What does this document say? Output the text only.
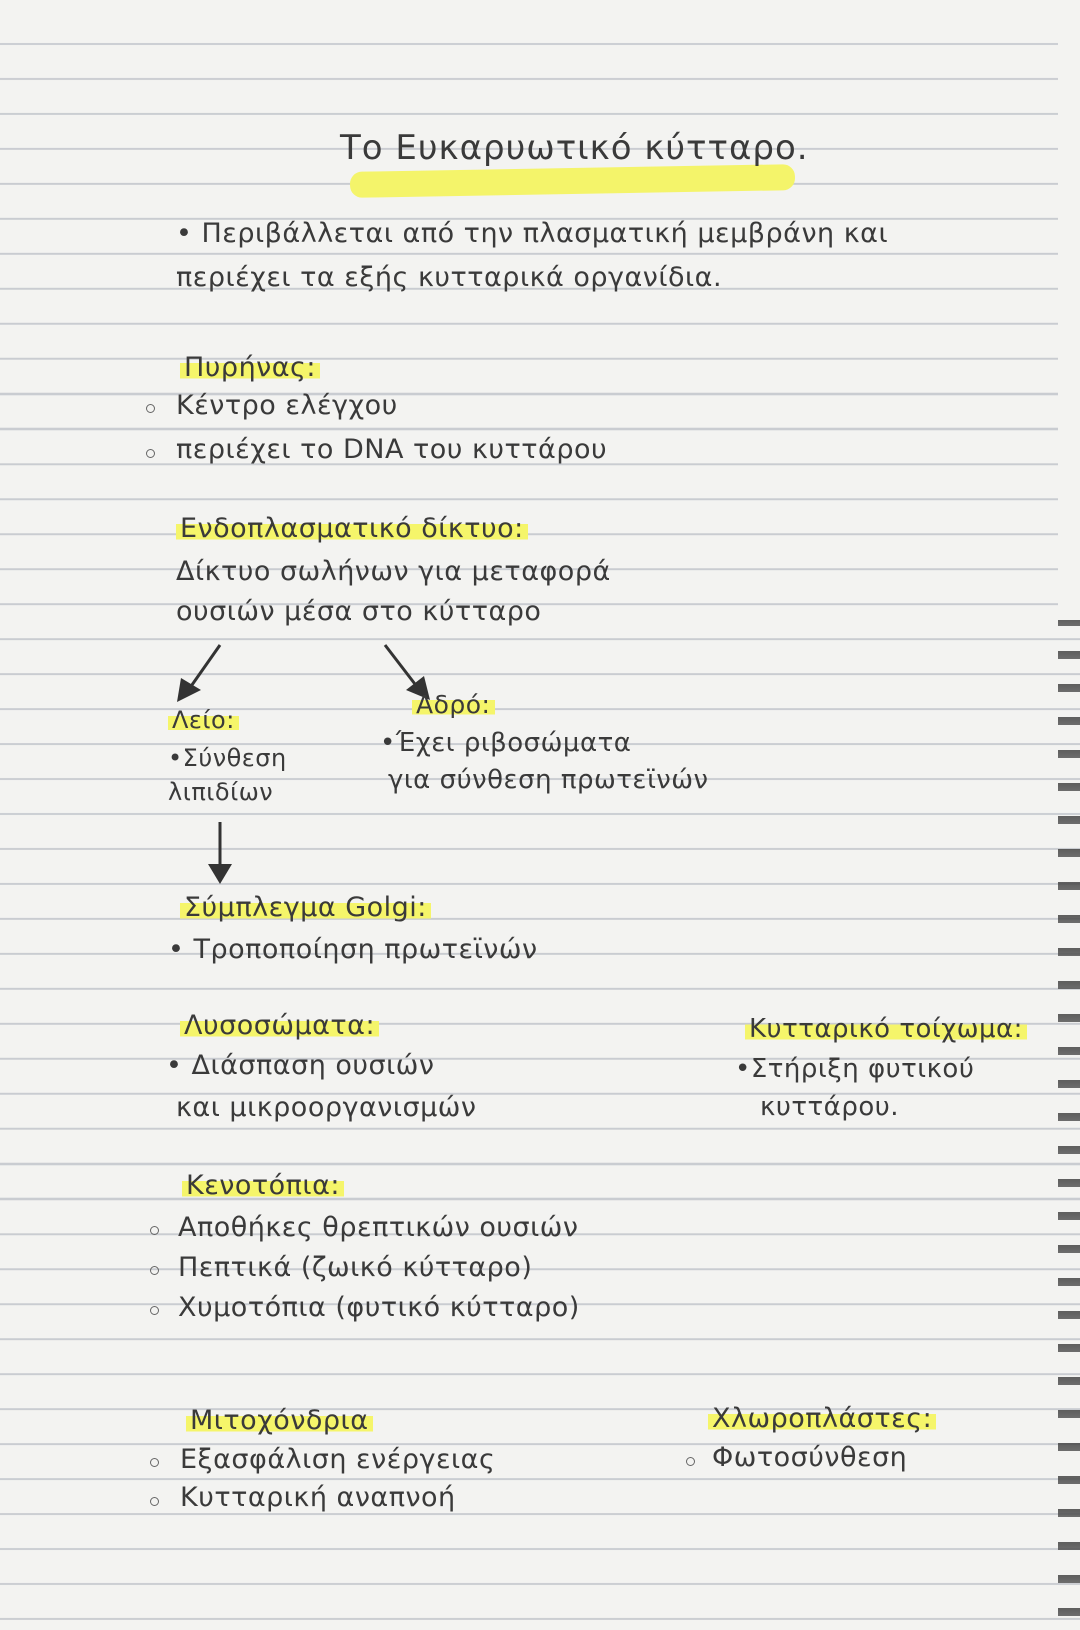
Το Ευκαρυωτικό κύτταρο.
• Περιβάλλεται από την πλασματική μεμβράνη και
περιέχει τα εξής κυτταρικά οργανίδια.
Πυρήνας:
Κέντρο ελέγχου
περιέχει το DNA του κυττάρου
Ενδοπλασματικό δίκτυο:
Δίκτυο σωλήνων για μεταφορά
ουσιών μέσα στο κύτταρο
Λείο:
•Σύνθεση
λιπιδίων
Αδρό:
•Έχει ριβοσώματα
για σύνθεση πρωτεϊνών
Σύμπλεγμα Golgi:
• Τροποποίηση πρωτεϊνών
Λυσοσώματα:
• Διάσπαση ουσιών
και μικροοργανισμών
Κυτταρικό τοίχωμα:
•Στήριξη φυτικού
κυττάρου.
Κενοτόπια:
Αποθήκες θρεπτικών ουσιών
Πεπτικά (ζωικό κύτταρο)
Χυμοτόπια (φυτικό κύτταρο)
Μιτοχόνδρια
Εξασφάλιση ενέργειας
Κυτταρική αναπνοή
Χλωροπλάστες:
Φωτοσύνθεση
